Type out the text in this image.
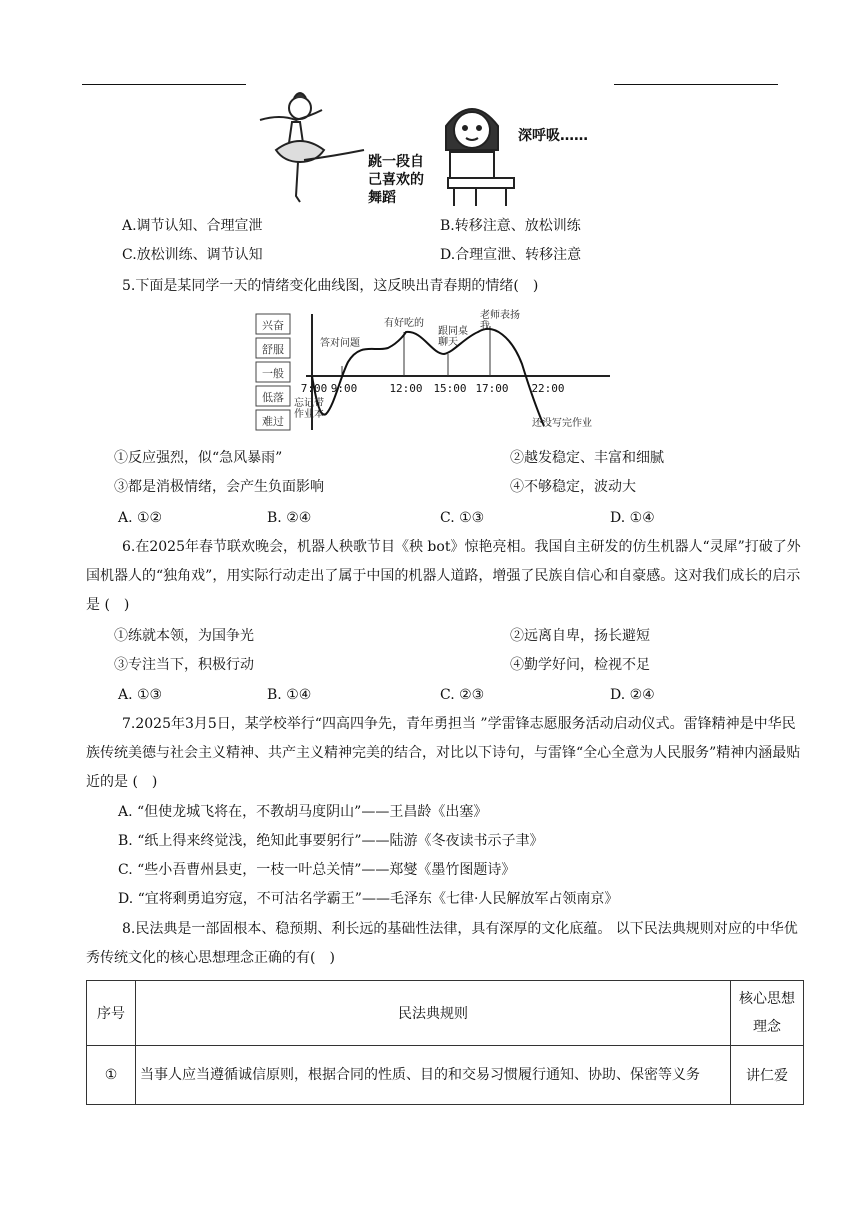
跳一段自
己喜欢的
舞蹈
深呼吸……
A.调节认知、合理宣泄	B.转移注意、放松训练
C.放松训练、调节认知	D.合理宣泄、转移注意
5.下面是某同学一天的情绪变化曲线图，这反映出青春期的情绪(　)
兴奋
舒服
一般
低落
难过
7:00 9:00	12:00 15:00 17:00 22:00
答对问题
有好吃的
跟同桌聊天
老师表扬我
忘记带作业本
还没写完作业
①反应强烈，似“急风暴雨”	②越发稳定、丰富和细腻
③都是消极情绪，会产生负面影响	④不够稳定，波动大
A. ①②	B. ②④	C. ①③	D. ①④
6.在2025年春节联欢晚会，机器人秧歌节目《秧 bot》惊艳亮相。我国自主研发的仿生机器人“灵犀”打破了外国机器人的“独角戏”，用实际行动走出了属于中国的机器人道路，增强了民族自信心和自豪感。这对我们成长的启示是 (　)
①练就本领，为国争光	②远离自卑，扬长避短
③专注当下，积极行动	④勤学好问，检视不足
A. ①③	B. ①④	C. ②③	D. ②④
7.2025年3月5日，某学校举行“四高四争先，青年勇担当 ”学雷锋志愿服务活动启动仪式。雷锋精神是中华民族传统美德与社会主义精神、共产主义精神完美的结合，对比以下诗句，与雷锋“全心全意为人民服务”精神内涵最贴近的是 (　)
A. “但使龙城飞将在，不教胡马度阴山”——王昌龄《出塞》
B. “纸上得来终觉浅，绝知此事要躬行”——陆游《冬夜读书示子聿》
C. “些小吾曹州县吏，一枝一叶总关情”——郑燮《墨竹图题诗》
D. “宜将剩勇追穷寇，不可沽名学霸王”——毛泽东《七律·人民解放军占领南京》
8.民法典是一部固根本、稳预期、利长远的基础性法律，具有深厚的文化底蕴。 以下民法典规则对应的中华优秀传统文化的核心思想理念正确的有(　)
序号	民法典规则	核心思想理念
①	当事人应当遵循诚信原则，根据合同的性质、目的和交易习惯履行通知、协助、保密等义务	讲仁爱
